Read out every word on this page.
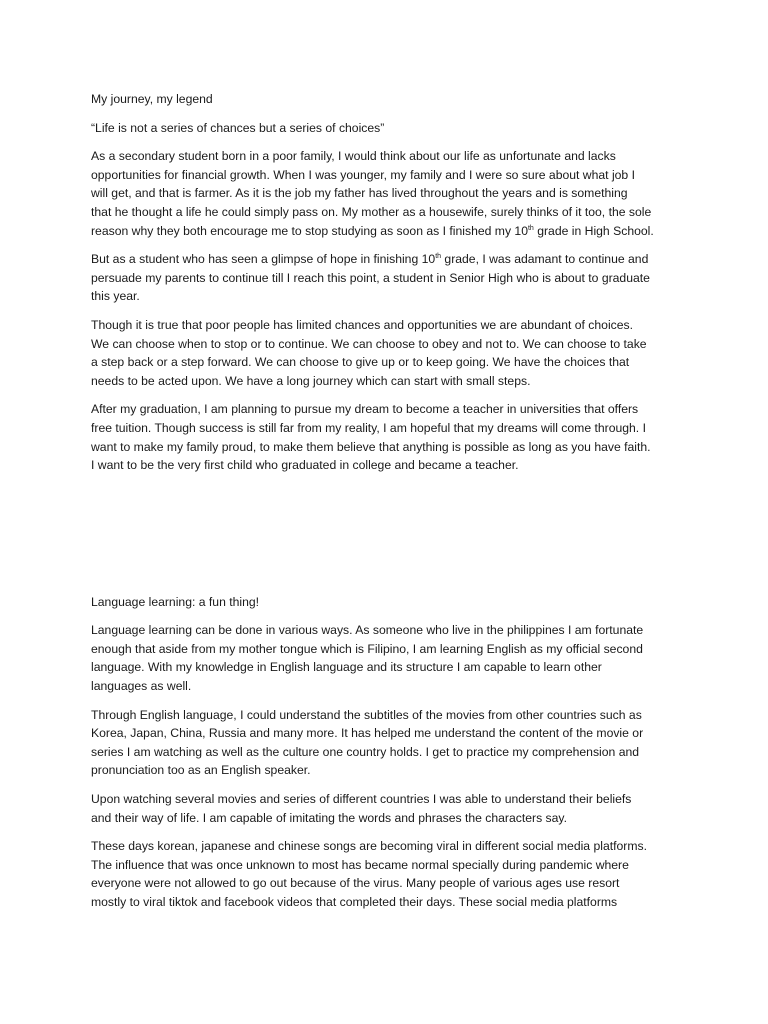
My journey, my legend
“Life is not a series of chances but a series of choices”
As a secondary student born in a poor family, I would think about our life as unfortunate and lacks
opportunities for financial growth. When I was younger, my family and I were so sure about what job I
will get, and that is farmer. As it is the job my father has lived throughout the years and is something
that he thought a life he could simply pass on. My mother as a housewife, surely thinks of it too, the sole
reason why they both encourage me to stop studying as soon as I finished my 10th grade in High School.
But as a student who has seen a glimpse of hope in finishing 10th grade, I was adamant to continue and
persuade my parents to continue till I reach this point, a student in Senior High who is about to graduate
this year.
Though it is true that poor people has limited chances and opportunities we are abundant of choices.
We can choose when to stop or to continue. We can choose to obey and not to. We can choose to take
a step back or a step forward. We can choose to give up or to keep going. We have the choices that
needs to be acted upon. We have a long journey which can start with small steps.
After my graduation, I am planning to pursue my dream to become a teacher in universities that offers
free tuition. Though success is still far from my reality, I am hopeful that my dreams will come through. I
want to make my family proud, to make them believe that anything is possible as long as you have faith.
I want to be the very first child who graduated in college and became a teacher.
Language learning: a fun thing!
Language learning can be done in various ways. As someone who live in the philippines I am fortunate
enough that aside from my mother tongue which is Filipino, I am learning English as my official second
language. With my knowledge in English language and its structure I am capable to learn other
languages as well.
Through English language, I could understand the subtitles of the movies from other countries such as
Korea, Japan, China, Russia and many more. It has helped me understand the content of the movie or
series I am watching as well as the culture one country holds. I get to practice my comprehension and
pronunciation too as an English speaker.
Upon watching several movies and series of different countries I was able to understand their beliefs
and their way of life. I am capable of imitating the words and phrases the characters say.
These days korean, japanese and chinese songs are becoming viral in different social media platforms.
The influence that was once unknown to most has became normal specially during pandemic where
everyone were not allowed to go out because of the virus. Many people of various ages use resort
mostly to viral tiktok and facebook videos that completed their days. These social media platforms
